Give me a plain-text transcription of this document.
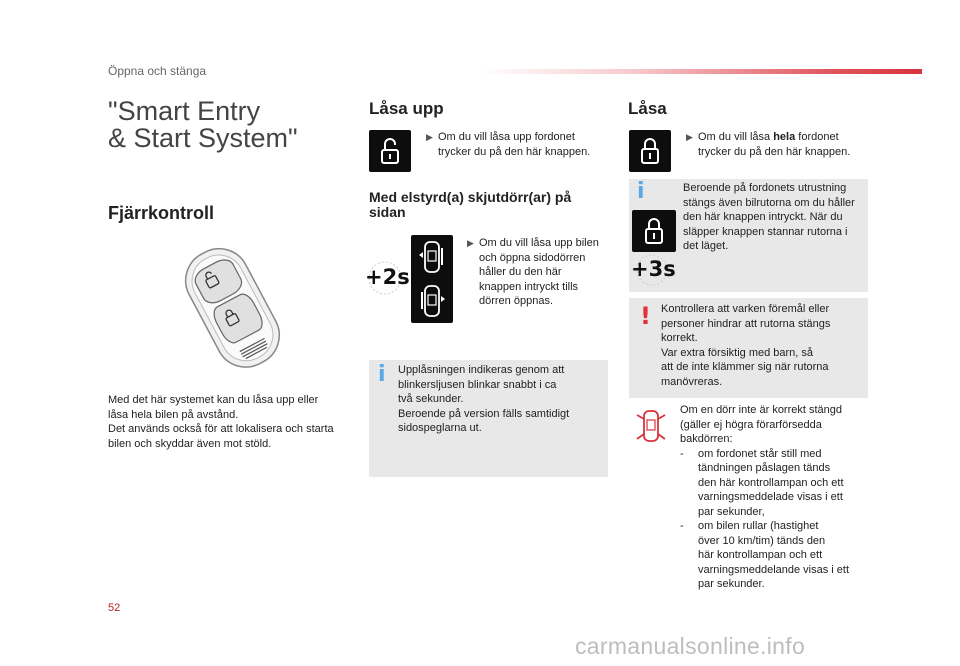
Öppna och stänga
"Smart Entry
& Start System"
Fjärrkontroll

Med det här systemet kan du låsa upp eller

låsa hela bilen på avstånd.

Det används också för att lokalisera och starta

bilen och skyddar även mot stöld.

Låsa upp

▶ Om du vill låsa upp fordonet

trycker du på den här knappen.

Med elstyrd(a) skjutdörr(ar) på
sidan
+2s

▶ Om du vill låsa upp bilen

och öppna sidodörren

håller du den här

knappen intryckt tills

dörren öppnas.

i Upplåsningen indikeras genom att

blinkersljusen blinkar snabbt i ca

två sekunder.

Beroende på version fälls samtidigt

sidospeglarna ut.

Låsa

▶ Om du vill låsa hela fordonet

trycker du på den här knappen.

i
+3s

Beroende på fordonets utrustning

stängs även bilrutorna om du håller

den här knappen intryckt. När du

släpper knappen stannar rutorna i

det läget.

! Kontrollera att varken föremål eller

personer hindrar att rutorna stängs

korrekt.

Var extra försiktig med barn, så

att de inte klämmer sig när rutorna

manövreras.

Om en dörr inte är korrekt stängd

(gäller ej högra förarförsedda

bakdörren:

-	om fordonet står still med

tändningen påslagen tänds

den här kontrollampan och ett

varningsmeddelade visas i ett

par sekunder,

-	om bilen rullar (hastighet

över 10 km/tim) tänds den

här kontrollampan och ett

varningsmeddelande visas i ett

par sekunder.

52
carmanualsonline.info
